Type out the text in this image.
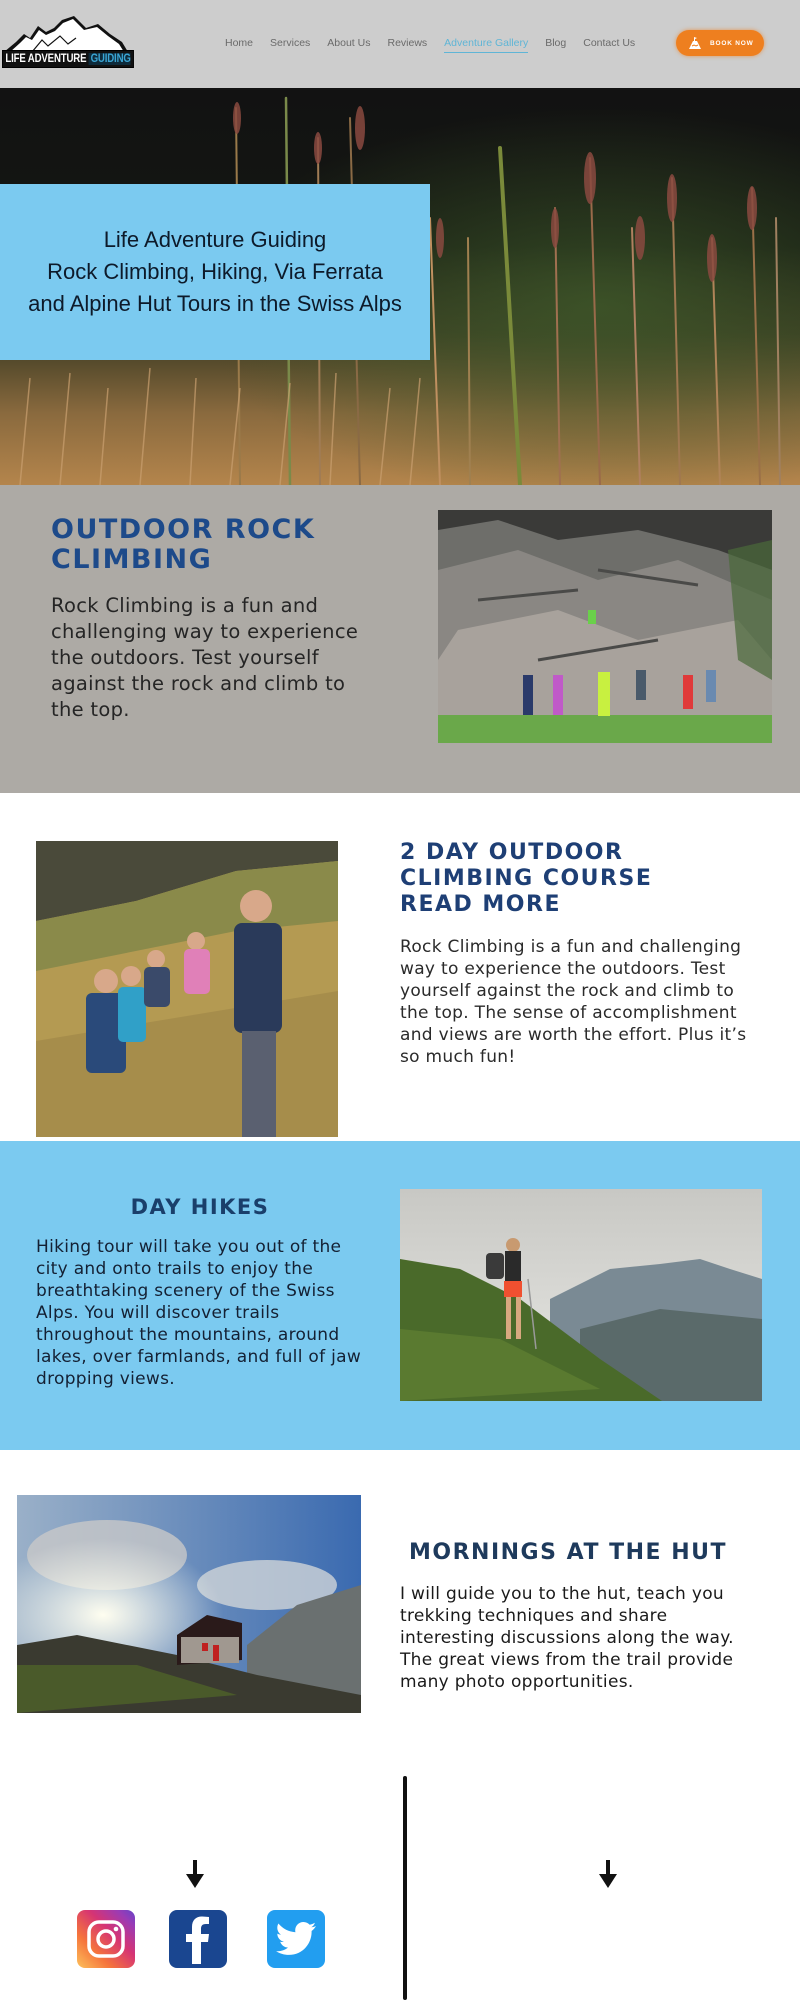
LIFE ADVENTURE GUIDING
Home Services About Us Reviews Adventure Gallery Blog Contact Us	BOOK NOW
Life Adventure Guiding
Rock Climbing, Hiking, Via Ferrata
and Alpine Hut Tours in the Swiss Alps
OUTDOOR ROCK CLIMBING

Rock Climbing is a fun and challenging way to experience the outdoors. Test yourself against the rock and climb to the top.

2 DAY OUTDOOR
CLIMBING COURSE
READ MORE

Rock Climbing is a fun and challenging way to experience the outdoors. Test yourself against the rock and climb to the top. The sense of accomplishment and views are worth the effort. Plus it’s so much fun!

DAY HIKES

Hiking tour will take you out of the city and onto trails to enjoy the breathtaking scenery of the Swiss Alps. You will discover trails throughout the mountains, around lakes, over farmlands, and full of jaw dropping views.

MORNINGS AT THE HUT

I will guide you to the hut, teach you trekking techniques and share interesting discussions along the way. The great views from the trail provide many photo opportunities.
